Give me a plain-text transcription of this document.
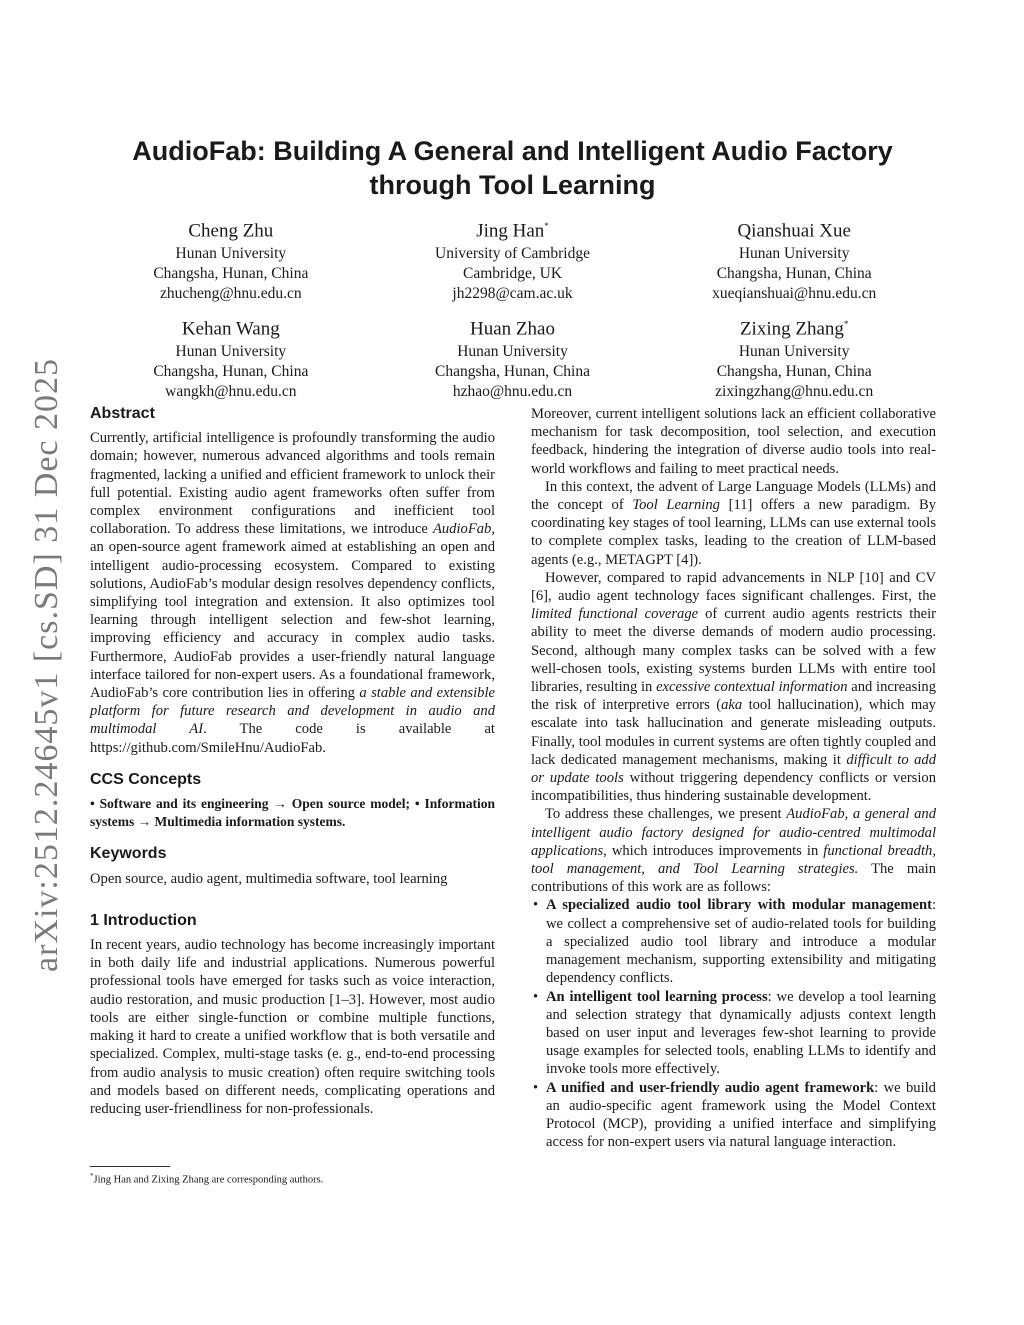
arXiv:2512.24645v1 [cs.SD] 31 Dec 2025
AudioFab: Building A General and Intelligent Audio Factory
through Tool Learning
Cheng Zhu
Hunan University
Changsha, Hunan, China
zhucheng@hnu.edu.cn
Jing Han*
University of Cambridge
Cambridge, UK
jh2298@cam.ac.uk
Qianshuai Xue
Hunan University
Changsha, Hunan, China
xueqianshuai@hnu.edu.cn
Kehan Wang
Hunan University
Changsha, Hunan, China
wangkh@hnu.edu.cn
Huan Zhao
Hunan University
Changsha, Hunan, China
hzhao@hnu.edu.cn
Zixing Zhang*
Hunan University
Changsha, Hunan, China
zixingzhang@hnu.edu.cn
Abstract

Currently, artificial intelligence is profoundly transforming the audio domain; however, numerous advanced algorithms and tools remain fragmented, lacking a unified and efficient framework to unlock their full potential. Existing audio agent frameworks often suffer from complex environment configurations and inefficient tool collaboration. To address these limitations, we introduce AudioFab, an open-source agent framework aimed at establishing an open and intelligent audio-processing ecosystem. Compared to existing solutions, AudioFab’s modular design resolves dependency conflicts, simplifying tool integration and extension. It also optimizes tool learning through intelligent selection and few-shot learning, improving efficiency and accuracy in complex audio tasks. Furthermore, AudioFab provides a user-friendly natural language interface tailored for non-expert users. As a foundational framework, AudioFab’s core contribution lies in offering a stable and extensible platform for future research and development in audio and multimodal AI. The code is available at https://github.com/SmileHnu/AudioFab.

CCS Concepts

• Software and its engineering → Open source model; • Information systems → Multimedia information systems.

Keywords

Open source, audio agent, multimedia software, tool learning

1 Introduction

In recent years, audio technology has become increasingly important in both daily life and industrial applications. Numerous powerful professional tools have emerged for tasks such as voice interaction, audio restoration, and music production [1–3]. However, most audio tools are either single-function or combine multiple functions, making it hard to create a unified workflow that is both versatile and specialized. Complex, multi-stage tasks (e. g., end-to-end processing from audio analysis to music creation) often require switching tools and models based on different needs, complicating operations and reducing user-friendliness for non-professionals.

Moreover, current intelligent solutions lack an efficient collaborative mechanism for task decomposition, tool selection, and execution feedback, hindering the integration of diverse audio tools into real-world workflows and failing to meet practical needs.

In this context, the advent of Large Language Models (LLMs) and the concept of Tool Learning [11] offers a new paradigm. By coordinating key stages of tool learning, LLMs can use external tools to complete complex tasks, leading to the creation of LLM-based agents (e.g., METAGPT [4]).

However, compared to rapid advancements in NLP [10] and CV [6], audio agent technology faces significant challenges. First, the limited functional coverage of current audio agents restricts their ability to meet the diverse demands of modern audio processing. Second, although many complex tasks can be solved with a few well-chosen tools, existing systems burden LLMs with entire tool libraries, resulting in excessive contextual information and increasing the risk of interpretive errors (aka tool hallucination), which may escalate into task hallucination and generate misleading outputs. Finally, tool modules in current systems are often tightly coupled and lack dedicated management mechanisms, making it difficult to add or update tools without triggering dependency conflicts or version incompatibilities, thus hindering sustainable development.

To address these challenges, we present AudioFab, a general and intelligent audio factory designed for audio-centred multimodal applications, which introduces improvements in functional breadth, tool management, and Tool Learning strategies. The main contributions of this work are as follows:

• A specialized audio tool library with modular management: we collect a comprehensive set of audio-related tools for building a specialized audio tool library and introduce a modular management mechanism, supporting extensibility and mitigating dependency conflicts.
• An intelligent tool learning process: we develop a tool learning and selection strategy that dynamically adjusts context length based on user input and leverages few-shot learning to provide usage examples for selected tools, enabling LLMs to identify and invoke tools more effectively.
• A unified and user-friendly audio agent framework: we build an audio-specific agent framework using the Model Context Protocol (MCP), providing a unified interface and simplifying access for non-expert users via natural language interaction.
*Jing Han and Zixing Zhang are corresponding authors.
